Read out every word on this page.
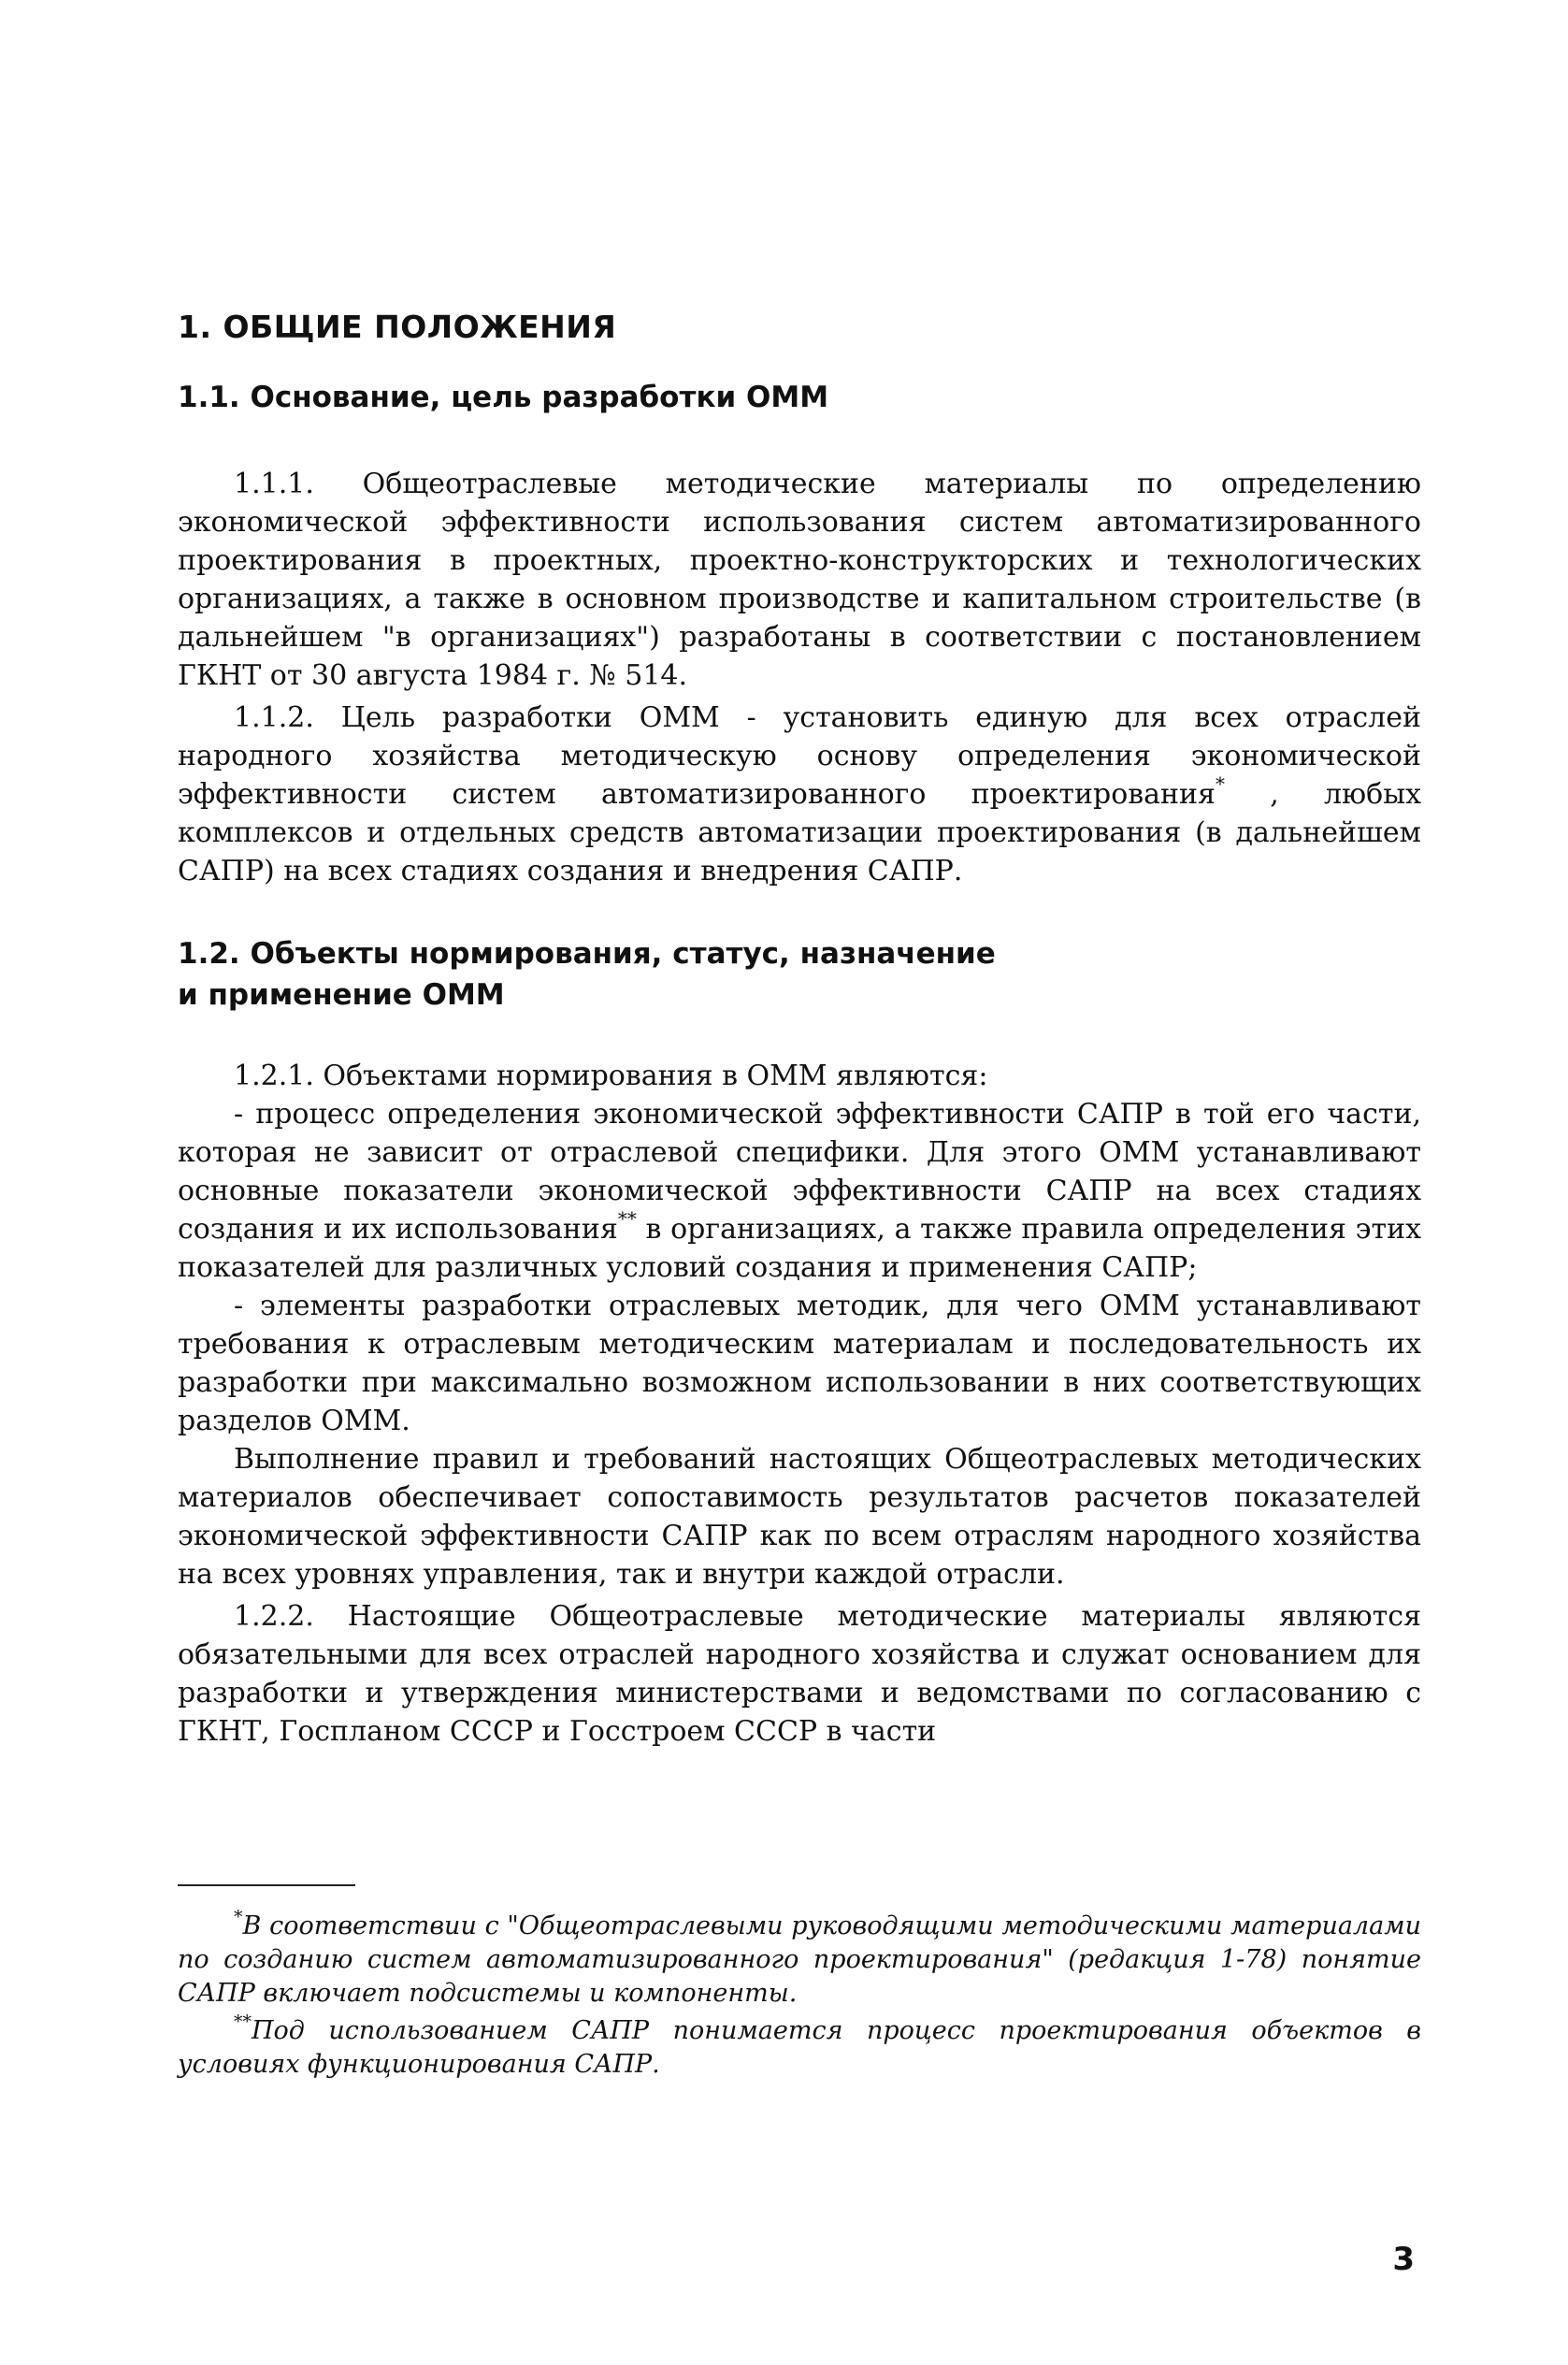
1. ОБЩИЕ ПОЛОЖЕНИЯ
1.1. Основание, цель разработки ОММ

1.1.1. Общеотраслевые методические материалы по определению экономической эффективности использования систем автоматизированного проектирования в проектных, проектно-конструкторских и технологических организациях, а также в основном производстве и капитальном строительстве (в дальнейшем "в организациях") разработаны в соответствии с постановлением ГКНТ от 30 августа 1984 г. № 514.

1.1.2. Цель разработки ОММ - установить единую для всех отраслей народного хозяйства методическую основу определения экономической эффективности систем автоматизированного проектирования* , любых комплексов и отдельных средств автоматизации проектирования (в дальнейшем САПР) на всех стадиях создания и внедрения САПР.

1.2. Объекты нормирования, статус, назначение и применение ОММ

1.2.1. Объектами нормирования в ОММ являются:

- процесс определения экономической эффективности САПР в той его части, которая не зависит от отраслевой специфики. Для этого ОММ устанавливают основные показатели экономической эффективности САПР на всех стадиях создания и их использования** в организациях, а также правила определения этих показателей для различных условий создания и применения САПР;

- элементы разработки отраслевых методик, для чего ОММ устанавливают требования к отраслевым методическим материалам и последовательность их разработки при максимально возможном использовании в них соответствующих разделов ОММ.

Выполнение правил и требований настоящих Общеотраслевых методических материалов обеспечивает сопоставимость результатов расчетов показателей экономической эффективности САПР как по всем отраслям народного хозяйства на всех уровнях управления, так и внутри каждой отрасли.

1.2.2. Настоящие Общеотраслевые методические материалы являются обязательными для всех отраслей народного хозяйства и служат основанием для разработки и утверждения министерствами и ведомствами по согласованию с ГКНТ, Госпланом СССР и Госстроем СССР в части

*В соответствии с "Общеотраслевыми руководящими методическими материалами по созданию систем автоматизированного проектирования" (редакция 1-78) понятие САПР включает подсистемы и компоненты.

**Под использованием САПР понимается процесс проектирования объектов в условиях функционирования САПР.

3
